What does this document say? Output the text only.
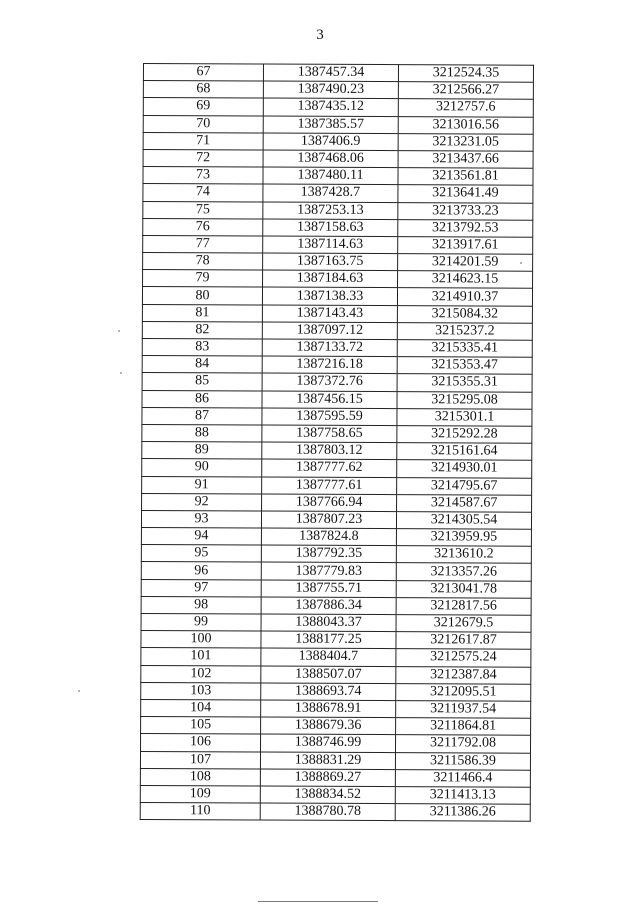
3
67	1387457.34	3212524.35
68	1387490.23	3212566.27
69	1387435.12	3212757.6
70	1387385.57	3213016.56
71	1387406.9	3213231.05
72	1387468.06	3213437.66
73	1387480.11	3213561.81
74	1387428.7	3213641.49
75	1387253.13	3213733.23
76	1387158.63	3213792.53
77	1387114.63	3213917.61
78	1387163.75	3214201.59
79	1387184.63	3214623.15
80	1387138.33	3214910.37
81	1387143.43	3215084.32
82	1387097.12	3215237.2
83	1387133.72	3215335.41
84	1387216.18	3215353.47
85	1387372.76	3215355.31
86	1387456.15	3215295.08
87	1387595.59	3215301.1
88	1387758.65	3215292.28
89	1387803.12	3215161.64
90	1387777.62	3214930.01
91	1387777.61	3214795.67
92	1387766.94	3214587.67
93	1387807.23	3214305.54
94	1387824.8	3213959.95
95	1387792.35	3213610.2
96	1387779.83	3213357.26
97	1387755.71	3213041.78
98	1387886.34	3212817.56
99	1388043.37	3212679.5
100	1388177.25	3212617.87
101	1388404.7	3212575.24
102	1388507.07	3212387.84
103	1388693.74	3212095.51
104	1388678.91	3211937.54
105	1388679.36	3211864.81
106	1388746.99	3211792.08
107	1388831.29	3211586.39
108	1388869.27	3211466.4
109	1388834.52	3211413.13
110	1388780.78	3211386.26
